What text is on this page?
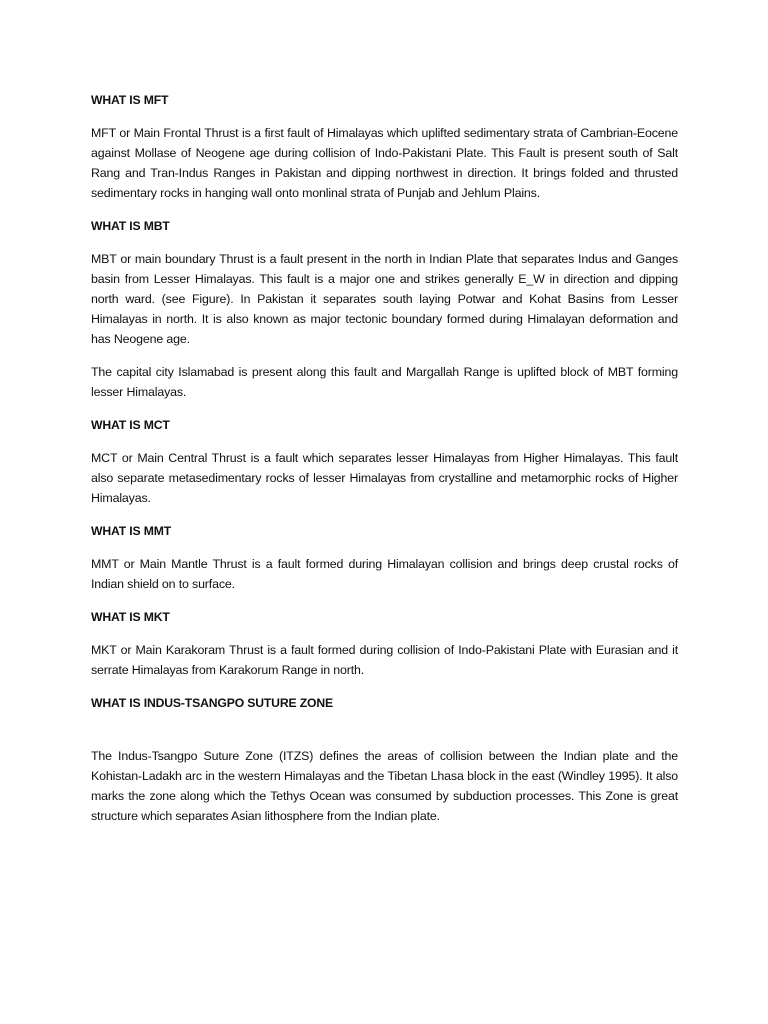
WHAT IS MFT

MFT or Main Frontal Thrust is a first fault of Himalayas which uplifted sedimentary strata of Cambrian-Eocene against Mollase of Neogene age during collision of Indo-Pakistani Plate. This Fault is present south of Salt Rang and Tran-Indus Ranges in Pakistan and dipping northwest in direction. It brings folded and thrusted sedimentary rocks in hanging wall onto monlinal strata of Punjab and Jehlum Plains.

WHAT IS MBT

MBT or main boundary Thrust is a fault present in the north in Indian Plate that separates Indus and Ganges basin from Lesser Himalayas. This fault is a major one and strikes generally E_W in direction and dipping north ward. (see Figure). In Pakistan it separates south laying Potwar and Kohat Basins from Lesser Himalayas in north. It is also known as major tectonic boundary formed during Himalayan deformation and has Neogene age.

The capital city Islamabad is present along this fault and Margallah Range is uplifted block of MBT forming lesser Himalayas.

WHAT IS MCT

MCT or Main Central Thrust is a fault which separates lesser Himalayas from Higher Himalayas. This fault also separate metasedimentary rocks of lesser Himalayas from crystalline and metamorphic rocks of Higher Himalayas.

WHAT IS MMT

MMT or Main Mantle Thrust is a fault formed during Himalayan collision and brings deep crustal rocks of Indian shield on to surface.

WHAT IS MKT

MKT or Main Karakoram Thrust is a fault formed during collision of Indo-Pakistani Plate with Eurasian and it serrate Himalayas from Karakorum Range in north.

WHAT IS INDUS-TSANGPO SUTURE ZONE

The Indus-Tsangpo Suture Zone (ITZS) defines the areas of collision between the Indian plate and the Kohistan-Ladakh arc in the western Himalayas and the Tibetan Lhasa block in the east (Windley 1995). It also marks the zone along which the Tethys Ocean was consumed by subduction processes. This Zone is great structure which separates Asian lithosphere from the Indian plate.
